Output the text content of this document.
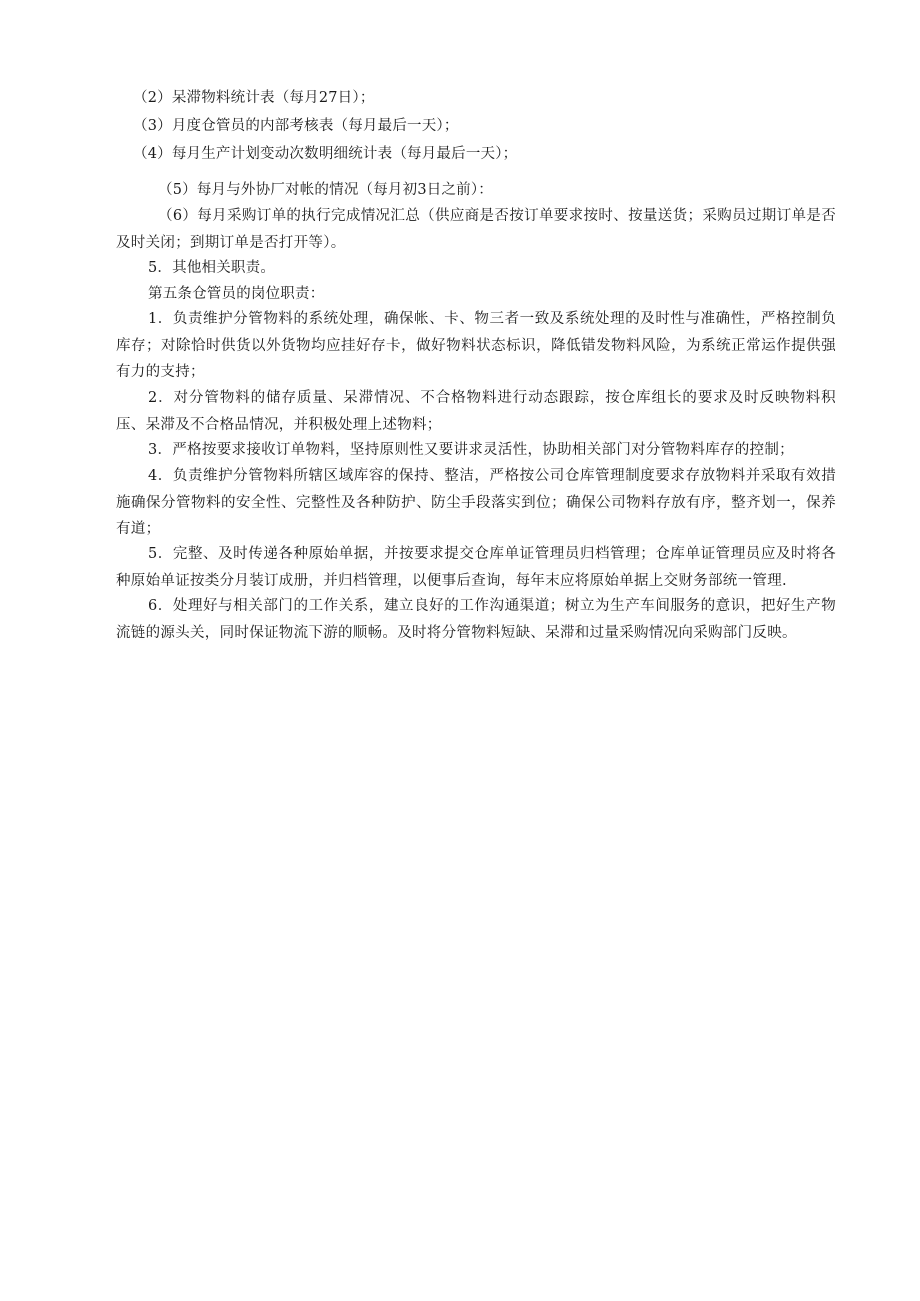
（2）呆滞物料统计表（每月27日）；
（3）月度仓管员的内部考核表（每月最后一天）；
（4）每月生产计划变动次数明细统计表（每月最后一天）；
（5）每月与外协厂对帐的情况（每月初3日之前）：
（6）每月采购订单的执行完成情况汇总（供应商是否按订单要求按时、按量送货；采购员过期订单是否及时关闭；到期订单是否打开等）。
5．其他相关职责。
第五条仓管员的岗位职责：
1．负责维护分管物料的系统处理，确保帐、卡、物三者一致及系统处理的及时性与准确性，严格控制负库存；对除恰时供货以外货物均应挂好存卡，做好物料状态标识，降低错发物料风险，为系统正常运作提供强有力的支持；
2．对分管物料的储存质量、呆滞情况、不合格物料进行动态跟踪，按仓库组长的要求及时反映物料积压、呆滞及不合格品情况，并积极处理上述物料；
3．严格按要求接收订单物料，坚持原则性又要讲求灵活性，协助相关部门对分管物料库存的控制；
4．负责维护分管物料所辖区域库容的保持、整洁，严格按公司仓库管理制度要求存放物料并采取有效措施确保分管物料的安全性、完整性及各种防护、防尘手段落实到位；确保公司物料存放有序，整齐划一，保养有道；
5．完整、及时传递各种原始单据，并按要求提交仓库单证管理员归档管理；仓库单证管理员应及时将各种原始单证按类分月装订成册，并归档管理，以便事后查询，每年末应将原始单据上交财务部统一管理.
6．处理好与相关部门的工作关系，建立良好的工作沟通渠道；树立为生产车间服务的意识，把好生产物流链的源头关，同时保证物流下游的顺畅。及时将分管物料短缺、呆滞和过量采购情况向采购部门反映。
